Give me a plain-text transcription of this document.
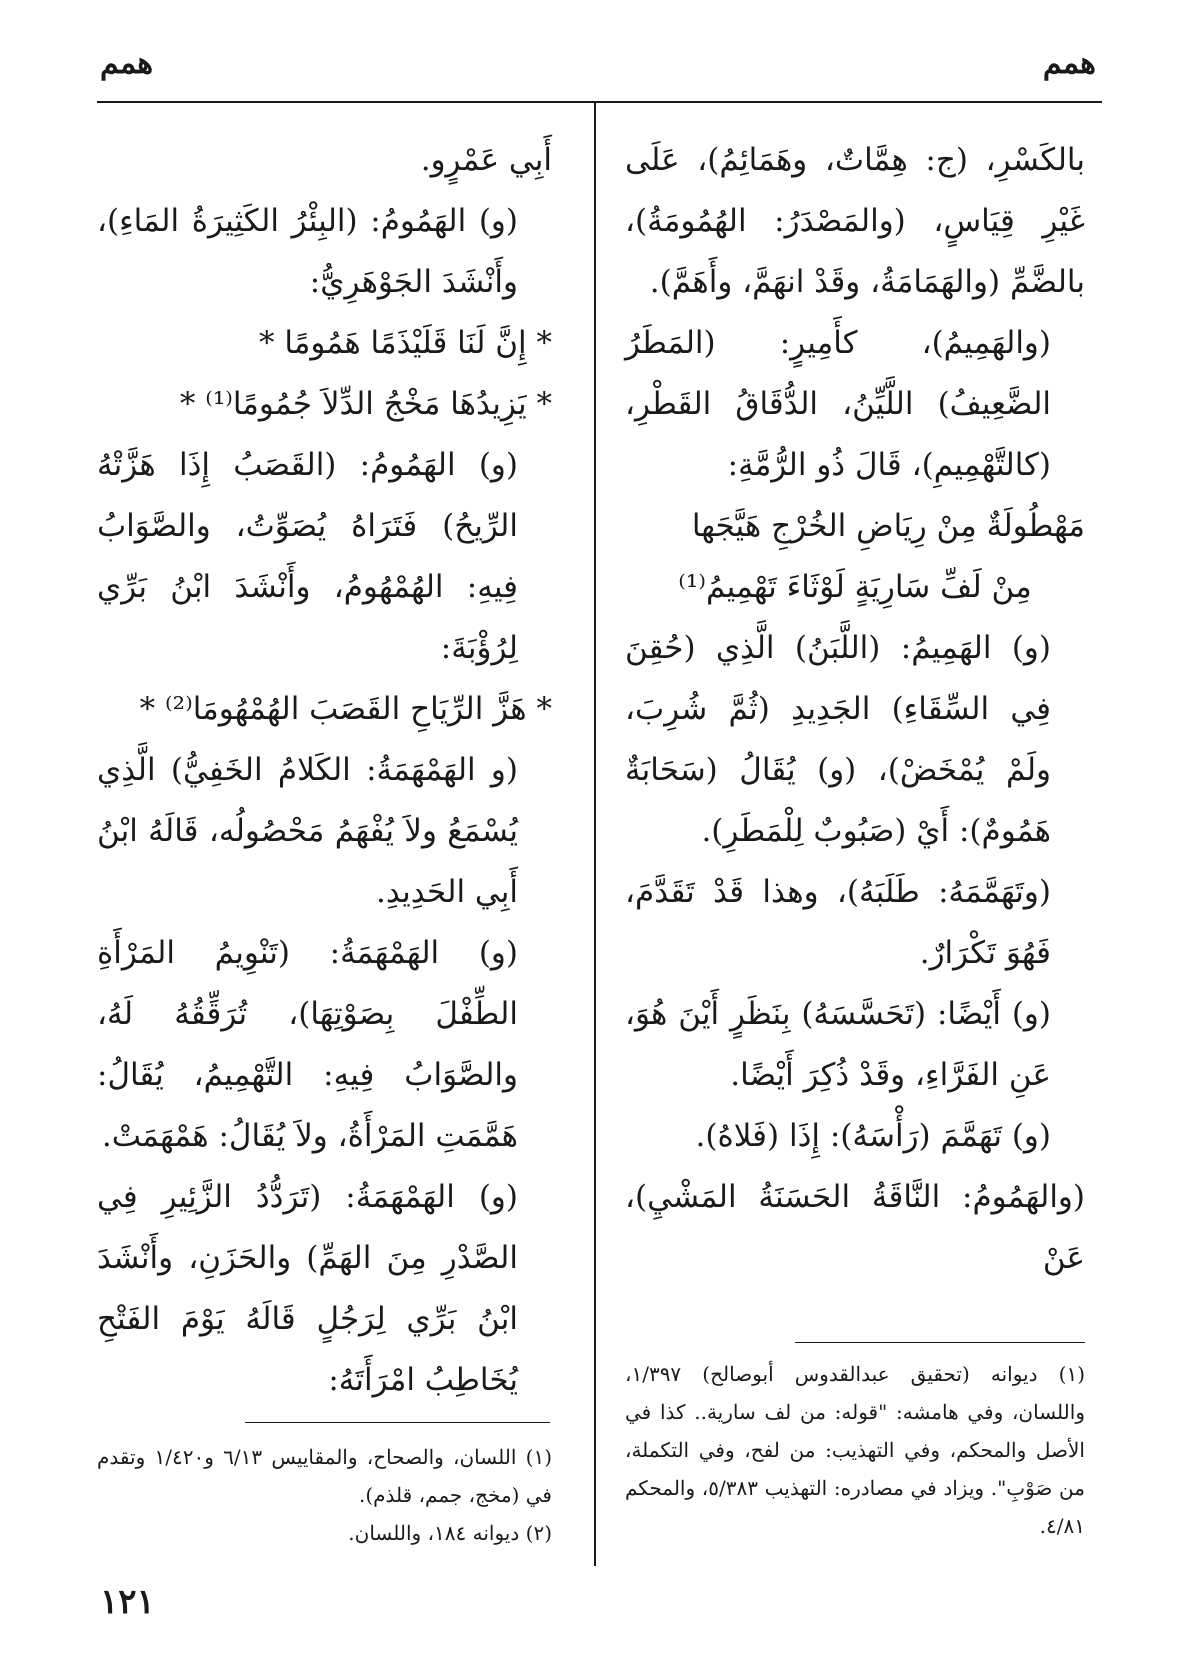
همم
همم

بالكَسْرِ، (ج: هِمَّاتٌ، وهَمَائِمُ)، عَلَى غَيْرِ قِيَاسٍ، (والمَصْدَرُ: الهُمُومَةُ)، بالضَّمِّ (والهَمَامَةُ، وقَدْ انهَمَّ، وأَهَمَّ).

(والهَمِيمُ)، كأَمِيرٍ: (المَطَرُ الضَّعِيفُ) اللَّيِّنُ، الدُّقَاقُ القَطْرِ، (كالتَّهْمِيمِ)، قَالَ ذُو الرُّمَّةِ:

مَهْطُولَةٌ مِنْ رِيَاضِ الخُرْجِ هَيَّجَها

مِنْ لَفِّ سَارِيَةٍ لَوْثَاءَ تَهْمِيمُ⁽¹⁾

(و) الهَمِيمُ: (اللَّبَنُ) الَّذِي (حُقِنَ فِي السِّقَاءِ) الجَدِيدِ (ثُمَّ شُرِبَ، ولَمْ يُمْخَضْ)، (و) يُقَالُ (سَحَابَةٌ هَمُومٌ): أَيْ (صَبُوبٌ لِلْمَطَرِ).

(وتَهَمَّمَهُ: طَلَبَهُ)، وهذا قَدْ تَقَدَّمَ، فَهُوَ تَكْرَارٌ.

(و) أَيْضًا: (تَحَسَّسَهُ) بِنَظَرٍ أَيْنَ هُوَ، عَنِ الفَرَّاءِ، وقَدْ ذُكِرَ أَيْضًا.

(و) تَهَمَّمَ (رَأْسَهُ): إِذَا (فَلاهُ).

(والهَمُومُ: النَّاقَةُ الحَسَنَةُ المَشْيِ)، عَنْ

أَبِي عَمْرٍو.

(و) الهَمُومُ: (البِئْرُ الكَثِيرَةُ المَاءِ)، وأَنْشَدَ الجَوْهَرِيُّ:

* إِنَّ لَنَا قَلَيْذَمًا هَمُومًا *

* يَزِيدُهَا مَخْجُ الدِّلاَ جُمُومًا⁽¹⁾ *

(و) الهَمُومُ: (القَصَبُ إِذَا هَزَّتْهُ الرِّيحُ) فَتَرَاهُ يُصَوِّتُ، والصَّوَابُ فِيهِ: الهُمْهُومُ، وأَنْشَدَ ابْنُ بَرِّي لِرُؤْبَةَ:

* هَزَّ الرِّيَاحِ القَصَبَ الهُمْهُومَا⁽²⁾ *

(و الهَمْهَمَةُ: الكَلامُ الخَفِيُّ) الَّذِي يُسْمَعُ ولاَ يُفْهَمُ مَحْصُولُه، قَالَهُ ابْنُ أَبِي الحَدِيدِ.

(و) الهَمْهَمَةُ: (تَنْوِيمُ المَرْأَةِ الطِّفْلَ بِصَوْتِهَا)، تُرَقِّقُهُ لَهُ، والصَّوَابُ فِيهِ: التَّهْمِيمُ، يُقَالُ: هَمَّمَتِ المَرْأَةُ، ولاَ يُقَالُ: هَمْهَمَتْ.

(و) الهَمْهَمَةُ: (تَرَدُّدُ الزَّئِيرِ فِي الصَّدْرِ مِنَ الهَمِّ) والحَزَنِ، وأَنْشَدَ ابْنُ بَرِّي لِرَجُلٍ قَالَهُ يَوْمَ الفَتْحِ يُخَاطِبُ امْرَأَتَهُ:	(١) ديوانه (تحقيق عبدالقدوس أبوصالح) ١/٣٩٧، واللسان، وفي هامشه: "قوله: من لف سارية.. كذا في الأصل والمحكم، وفي التهذيب: من لفح، وفي التكملة، من صَوْبِ". ويزاد في مصادره: التهذيب ٥/٣٨٣، والمحكم ٤/٨١.

(١) اللسان، والصحاح، والمقاييس ٦/١٣ و١/٤٢٠ وتقدم في (مخج، جمم، قلذم).

(٢) ديوانه ١٨٤، واللسان.

١٢١
